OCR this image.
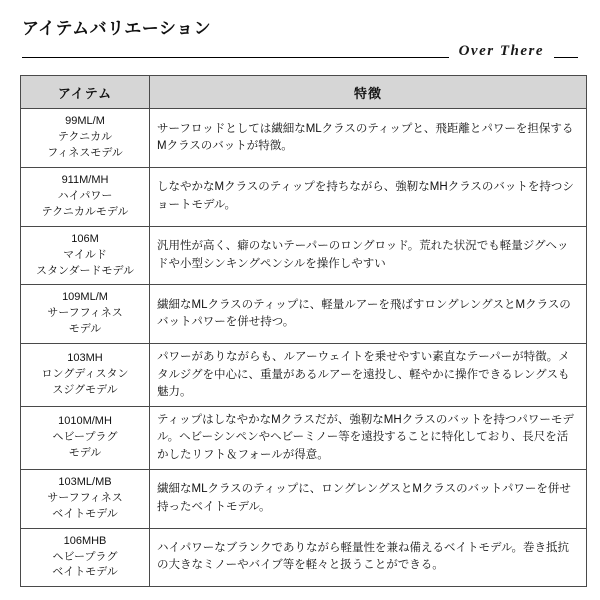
アイテムバリエーション
Over There
アイテム	特徴

99ML/M
テクニカル
フィネスモデル	サーフロッドとしては繊細なMLクラスのティップと、飛距離とパワーを担保するMクラスのバットが特徴。

911M/MH
ハイパワー
テクニカルモデル	しなやかなMクラスのティップを持ちながら、強靭なMHクラスのバットを持つショートモデル。

106M
マイルド
スタンダードモデル	汎用性が高く、癖のないテーパーのロングロッド。荒れた状況でも軽量ジグヘッドや小型シンキングペンシルを操作しやすい

109ML/M
サーフフィネス
モデル	繊細なMLクラスのティップに、軽量ルアーを飛ばすロングレングスとMクラスのバットパワーを併せ持つ。

103MH
ロングディスタン
スジグモデル	パワーがありながらも、ルアーウェイトを乗せやすい素直なテーパーが特徴。メタルジグを中心に、重量があるルアーを遠投し、軽やかに操作できるレングスも魅力。

1010M/MH
ヘビープラグ
モデル	ティップはしなやかなMクラスだが、強靭なMHクラスのバットを持つパワーモデル。ヘビーシンペンやヘビーミノー等を遠投することに特化しており、長尺を活かしたリフト＆フォールが得意。

103ML/MB
サーフフィネス
ベイトモデル	繊細なMLクラスのティップに、ロングレングスとMクラスのバットパワーを併せ持ったベイトモデル。

106MHB
ヘビープラグ
ベイトモデル	ハイパワーなブランクでありながら軽量性を兼ね備えるベイトモデル。巻き抵抗の大きなミノーやバイブ等を軽々と扱うことができる。
